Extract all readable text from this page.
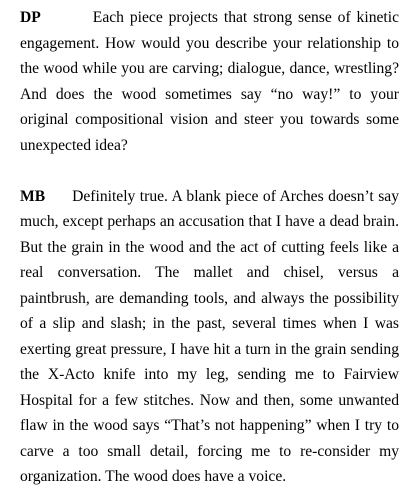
DP	Each piece projects that strong sense of kinetic engagement. How would you describe your relationship to the wood while you are carving; dialogue, dance, wrestling? And does the wood sometimes say “no way!” to your original compositional vision and steer you towards some unexpected idea?

MB Definitely true. A blank piece of Arches doesn’t say much, except perhaps an accusation that I have a dead brain. But the grain in the wood and the act of cutting feels like a real conversation. The mallet and chisel, versus a paintbrush, are demanding tools, and always the possibility of a slip and slash; in the past, several times when I was exerting great pressure, I have hit a turn in the grain sending the X-Acto knife into my leg, sending me to Fairview Hospital for a few stitches. Now and then, some unwanted flaw in the wood says “That’s not happening” when I try to carve a too small detail, forcing me to re-consider my organization. The wood does have a voice.
